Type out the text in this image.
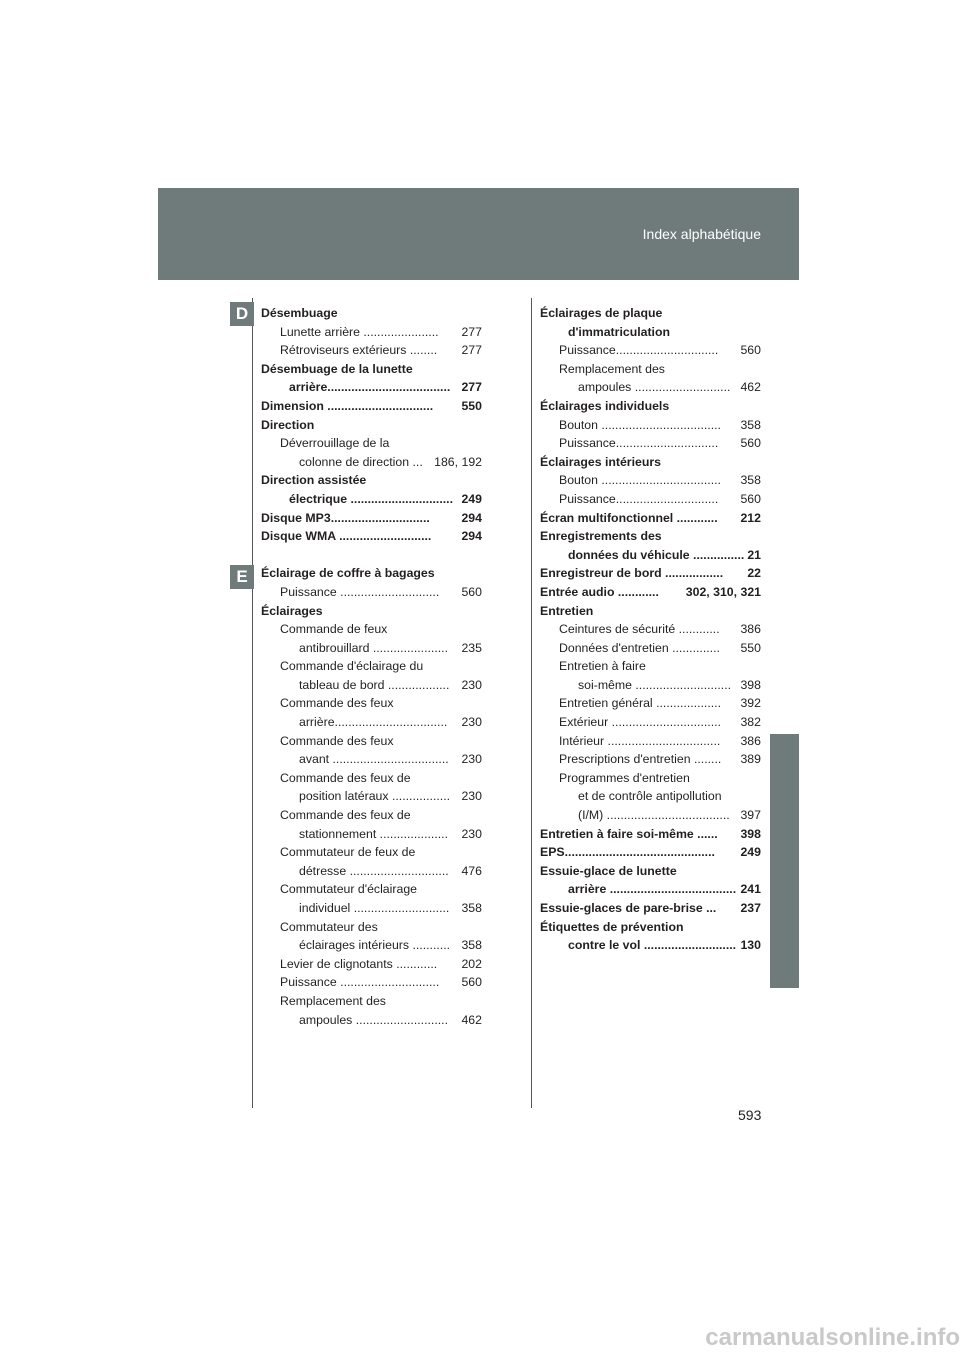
Index alphabétique
D
E
Désembuage
277
Lunette arrière ......................
277
Rétroviseurs extérieurs ........
Désembuage de la lunette
277
arrière....................................
550
Dimension ...............................
Direction
Déverrouillage de la
186, 192
colonne de direction ...
Direction assistée
249
électrique ..............................
294
Disque MP3.............................
294
Disque WMA ...........................
Éclairage de coffre à bagages
560
Puissance .............................
Éclairages
Commande de feux
235
antibrouillard ......................
Commande d'éclairage du
230
tableau de bord ..................
Commande des feux
230
arrière.................................
Commande des feux
230
avant ..................................
Commande des feux de
230
position latéraux .................
Commande des feux de
230
stationnement ....................
Commutateur de feux de
476
détresse .............................
Commutateur d'éclairage
358
individuel ............................
Commutateur des
358
éclairages intérieurs ...........
202
Levier de clignotants ............
560
Puissance .............................
Remplacement des
462
ampoules ...........................
Éclairages de plaque
d'immatriculation
560
Puissance..............................
Remplacement des
462
ampoules ............................
Éclairages individuels
358
Bouton ...................................
560
Puissance..............................
Éclairages intérieurs
358
Bouton ...................................
560
Puissance..............................
212
Écran multifonctionnel ............
Enregistrements des
21
données du véhicule ...............
22
Enregistreur de bord .................
302, 310, 321
Entrée audio ............
Entretien
386
Ceintures de sécurité ............
550
Données d'entretien ..............
Entretien à faire
398
soi-même ............................
392
Entretien général ...................
382
Extérieur ................................
386
Intérieur .................................
389
Prescriptions d'entretien ........
Programmes d'entretien
et de contrôle antipollution
397
(I/M) ....................................
398
Entretien à faire soi-même ......
249
EPS............................................
Essuie-glace de lunette
241
arrière .....................................
237
Essuie-glaces de pare-brise ...
Étiquettes de prévention
130
contre le vol ...........................
593
carmanualsonline.info
